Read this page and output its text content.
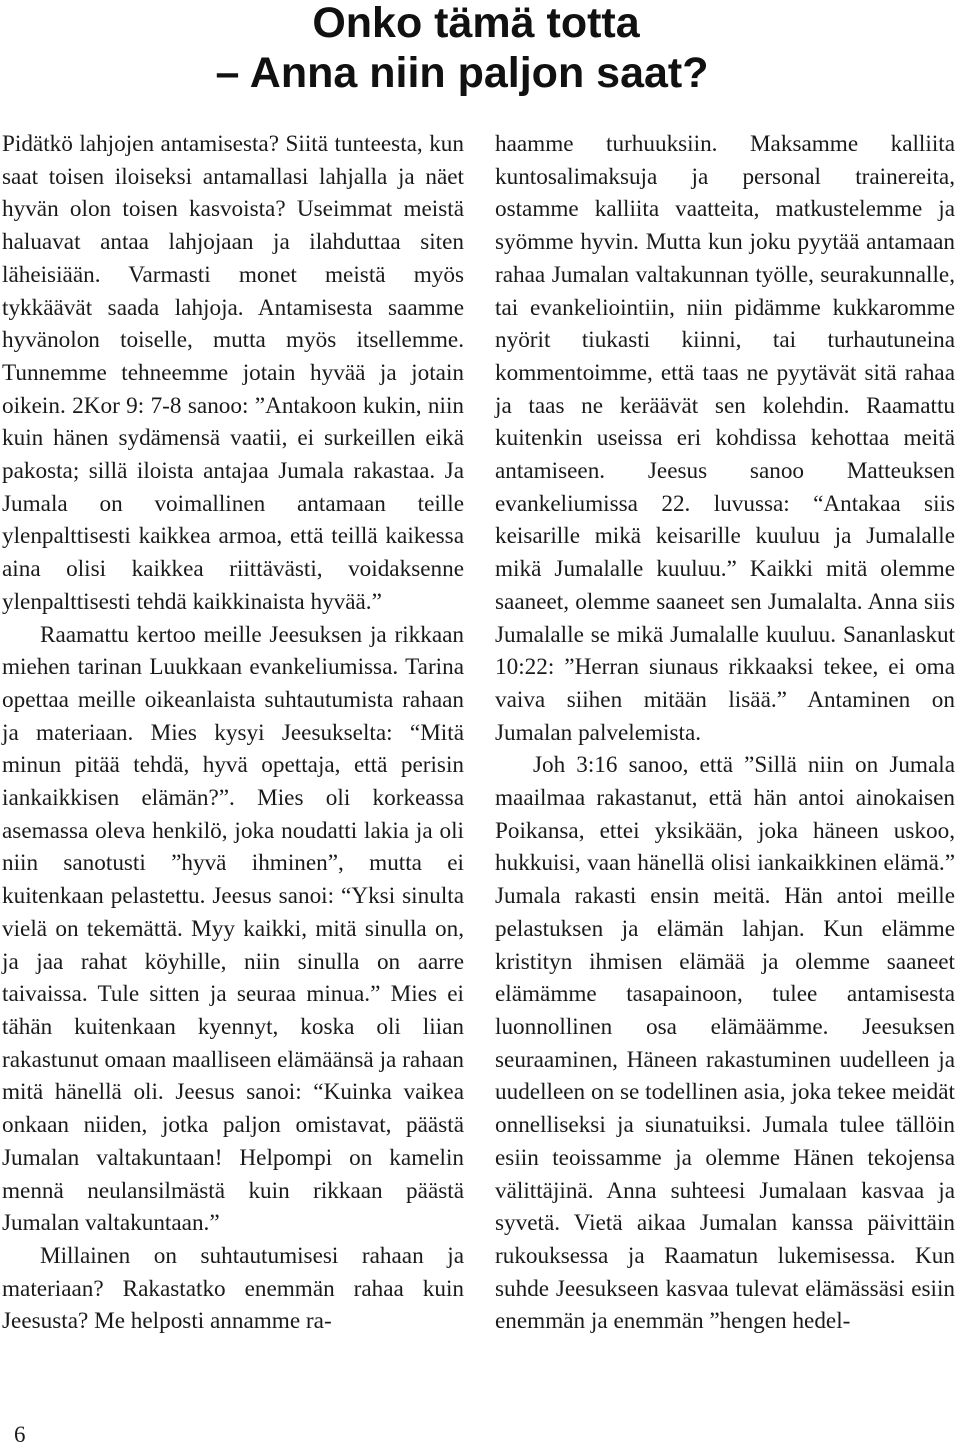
Onko tämä totta
– Anna niin paljon saat?

Pidätkö lahjojen antamisesta? Siitä tunteesta, kun saat toisen iloiseksi antamallasi lahjalla ja näet hyvän olon toisen kasvoista? Useimmat meistä haluavat antaa lahjojaan ja ilahduttaa siten läheisiään. Varmasti monet meistä myös tykkäävät saada lahjoja. Antamisesta saamme hyvänolon toiselle, mutta myös itsellemme. Tunnemme tehneemme jotain hyvää ja jotain oikein. 2Kor 9: 7-8 sanoo: ”Antakoon kukin, niin kuin hänen sydämensä vaatii, ei surkeillen eikä pakosta; sillä iloista antajaa Jumala rakastaa. Ja Jumala on voimallinen antamaan teille ylenpalttisesti kaikkea armoa, että teillä kaikessa aina olisi kaikkea riittävästi, voidaksenne ylenpalttisesti tehdä kaikkinaista hyvää.”

Raamattu kertoo meille Jeesuksen ja rikkaan miehen tarinan Luukkaan evankeliumissa. Tarina opettaa meille oikeanlaista suhtautumista rahaan ja materiaan. Mies kysyi Jeesukselta: “Mitä minun pitää tehdä, hyvä opettaja, että perisin iankaikkisen elämän?”. Mies oli korkeassa asemassa oleva henkilö, joka noudatti lakia ja oli niin sanotusti ”hyvä ihminen”, mutta ei kuitenkaan pelastettu. Jeesus sanoi: “Yksi sinulta vielä on tekemättä. Myy kaikki, mitä sinulla on, ja jaa rahat köyhille, niin sinulla on aarre taivaissa. Tule sitten ja seuraa minua.” Mies ei tähän kuitenkaan kyennyt, koska oli liian rakastunut omaan maalliseen elämäänsä ja rahaan mitä hänellä oli. Jeesus sanoi: “Kuinka vaikea onkaan niiden, jotka paljon omistavat, päästä Jumalan valtakuntaan! Helpompi on kamelin mennä neulansilmästä kuin rikkaan päästä Jumalan valtakuntaan.”

Millainen on suhtautumisesi rahaan ja materiaan? Rakastatko enemmän rahaa kuin Jeesusta? Me helposti annamme ra-

haamme turhuuksiin. Maksamme kalliita kuntosalimaksuja ja personal trainereita, ostamme kalliita vaatteita, matkustelemme ja syömme hyvin. Mutta kun joku pyytää antamaan rahaa Jumalan valtakunnan työlle, seurakunnalle, tai evankeliointiin, niin pidämme kukkaromme nyörit tiukasti kiinni, tai turhautuneina kommentoimme, että taas ne pyytävät sitä rahaa ja taas ne keräävät sen kolehdin. Raamattu kuitenkin useissa eri kohdissa kehottaa meitä antamiseen. Jeesus sanoo Matteuksen evankeliumissa 22. luvussa: “Antakaa siis keisarille mikä keisarille kuuluu ja Jumalalle mikä Jumalalle kuuluu.” Kaikki mitä olemme saaneet, olemme saaneet sen Jumalalta. Anna siis Jumalalle se mikä Jumalalle kuuluu. Sananlaskut 10:22: ”Herran siunaus rikkaaksi tekee, ei oma vaiva siihen mitään lisää.” Antaminen on Jumalan palvelemista.

Joh 3:16 sanoo, että ”Sillä niin on Jumala maailmaa rakastanut, että hän antoi ainokaisen Poikansa, ettei yksikään, joka häneen uskoo, hukkuisi, vaan hänellä olisi iankaikkinen elämä.” Jumala rakasti ensin meitä. Hän antoi meille pelastuksen ja elämän lahjan. Kun elämme kristityn ihmisen elämää ja olemme saaneet elämämme tasapainoon, tulee antamisesta luonnollinen osa elämäämme. Jeesuksen seuraaminen, Häneen rakastuminen uudelleen ja uudelleen on se todellinen asia, joka tekee meidät onnelliseksi ja siunatuiksi. Jumala tulee tällöin esiin teoissamme ja olemme Hänen tekojensa välittäjinä. Anna suhteesi Jumalaan kasvaa ja syvetä. Vietä aikaa Jumalan kanssa päivittäin rukouksessa ja Raamatun lukemisessa. Kun suhde Jeesukseen kasvaa tulevat elämässäsi esiin enemmän ja enemmän ”hengen hedel-

6
